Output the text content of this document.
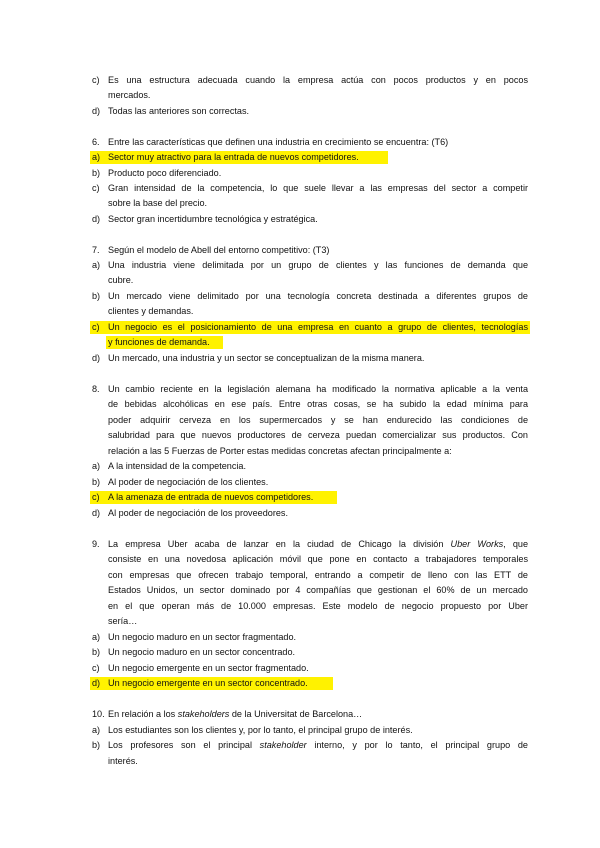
c) Es una estructura adecuada cuando la empresa actúa con pocos productos y en pocos
mercados.
d) Todas las anteriores son correctas.
6. Entre las características que definen una industria en crecimiento se encuentra: (T6)
a) Sector muy atractivo para la entrada de nuevos competidores.
b) Producto poco diferenciado.
c) Gran intensidad de la competencia, lo que suele llevar a las empresas del sector a competir
sobre la base del precio.
d) Sector gran incertidumbre tecnológica y estratégica.
7. Según el modelo de Abell del entorno competitivo: (T3)
a) Una industria viene delimitada por un grupo de clientes y las funciones de demanda que
cubre.
b) Un mercado viene delimitado por una tecnología concreta destinada a diferentes grupos de
clientes y demandas.
c) Un negocio es el posicionamiento de una empresa en cuanto a grupo de clientes, tecnologías
y funciones de demanda.
d) Un mercado, una industria y un sector se conceptualizan de la misma manera.
8. Un cambio reciente en la legislación alemana ha modificado la normativa aplicable a la venta
de bebidas alcohólicas en ese país. Entre otras cosas, se ha subido la edad mínima para
poder adquirir cerveza en los supermercados y se han endurecido las condiciones de
salubridad para que nuevos productores de cerveza puedan comercializar sus productos. Con
relación a las 5 Fuerzas de Porter estas medidas concretas afectan principalmente a:
a) A la intensidad de la competencia.
b) Al poder de negociación de los clientes.
c) A la amenaza de entrada de nuevos competidores.
d) Al poder de negociación de los proveedores.
9. La empresa Uber acaba de lanzar en la ciudad de Chicago la división Uber Works, que
consiste en una novedosa aplicación móvil que pone en contacto a trabajadores temporales
con empresas que ofrecen trabajo temporal, entrando a competir de lleno con las ETT de
Estados Unidos, un sector dominado por 4 compañías que gestionan el 60% de un mercado
en el que operan más de 10.000 empresas. Este modelo de negocio propuesto por Uber
sería…
a) Un negocio maduro en un sector fragmentado.
b) Un negocio maduro en un sector concentrado.
c) Un negocio emergente en un sector fragmentado.
d) Un negocio emergente en un sector concentrado.
10. En relación a los stakeholders de la Universitat de Barcelona…
a) Los estudiantes son los clientes y, por lo tanto, el principal grupo de interés.
b) Los profesores son el principal stakeholder interno, y por lo tanto, el principal grupo de
interés.
